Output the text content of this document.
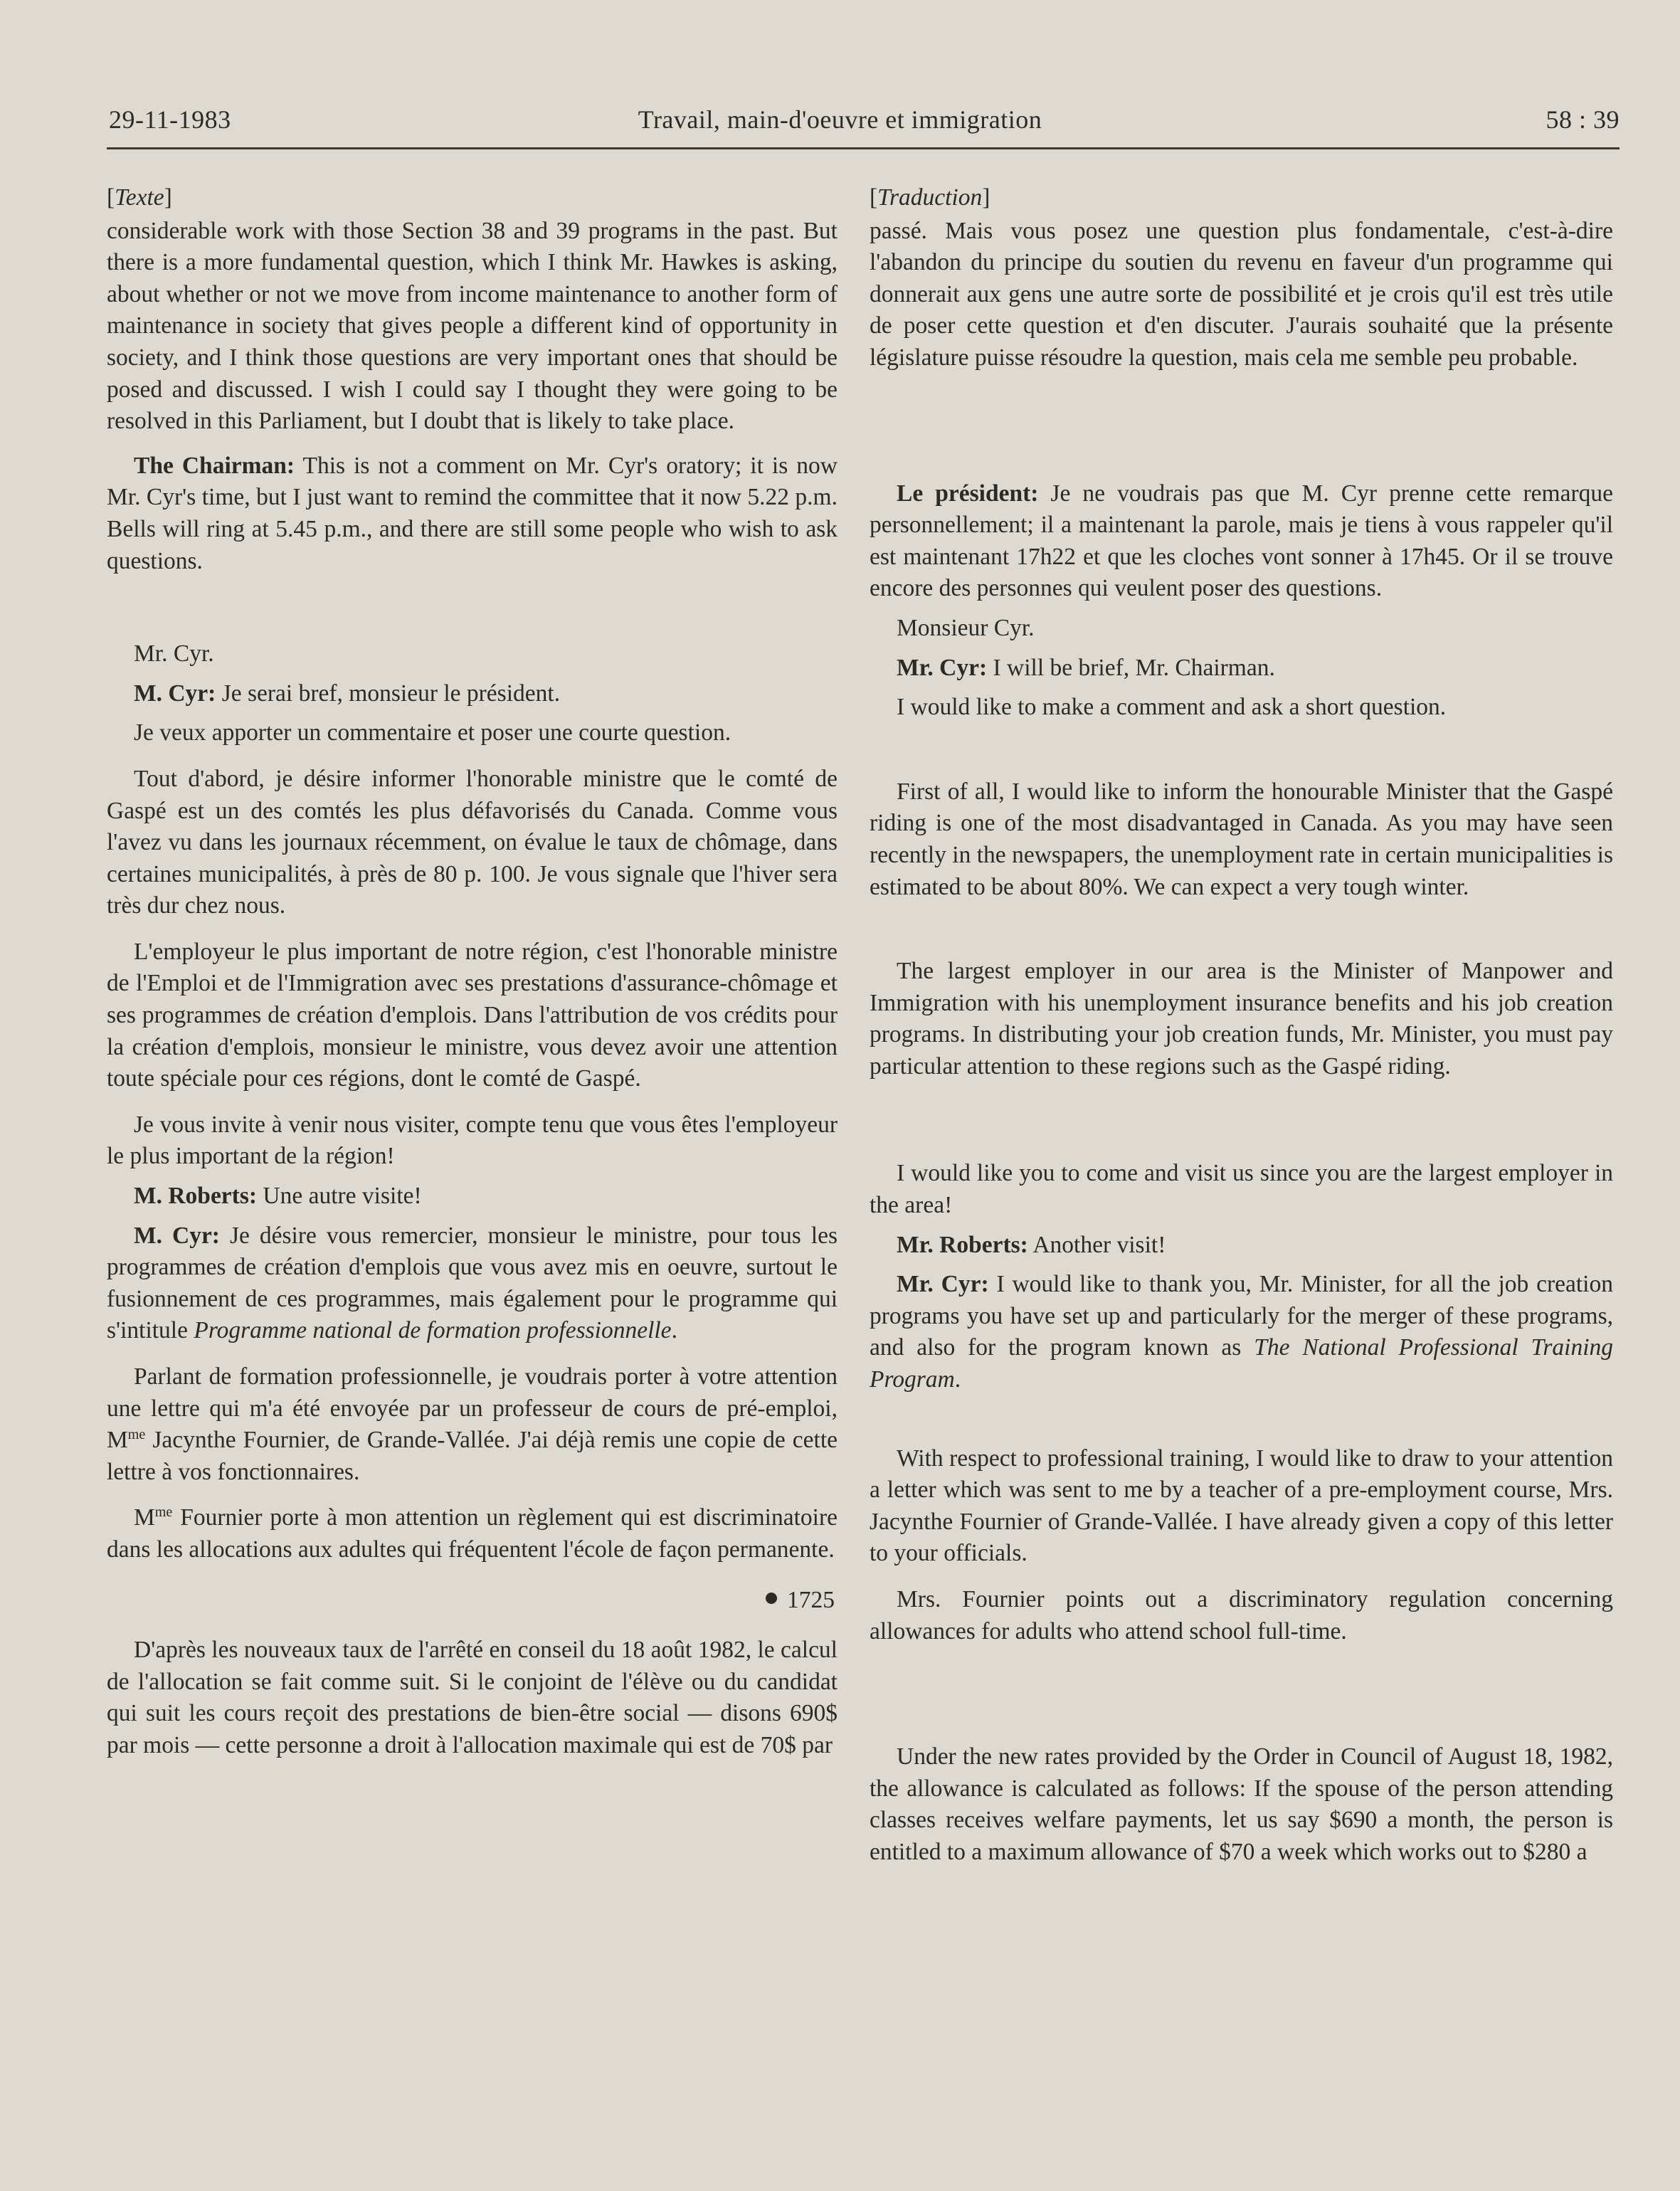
29-11-1983	Travail, main-d'oeuvre et immigration	58 : 39

[ Texte ]

considerable work with those Section 38 and 39 programs in the past. But there is a more fundamental question, which I think Mr. Hawkes is asking, about whether or not we move from income maintenance to another form of maintenance in society that gives people a different kind of opportunity in society, and I think those questions are very important ones that should be posed and discussed. I wish I could say I thought they were going to be resolved in this Parliament, but I doubt that is likely to take place.

The Chairman: This is not a comment on Mr. Cyr's oratory; it is now Mr. Cyr's time, but I just want to remind the committee that it now 5.22 p.m. Bells will ring at 5.45 p.m., and there are still some people who wish to ask questions.

Mr. Cyr.

M. Cyr: Je serai bref, monsieur le président.

Je veux apporter un commentaire et poser une courte question.

Tout d'abord, je désire informer l'honorable ministre que le comté de Gaspé est un des comtés les plus défavorisés du Canada. Comme vous l'avez vu dans les journaux récemment, on évalue le taux de chômage, dans certaines municipalités, à près de 80 p. 100. Je vous signale que l'hiver sera très dur chez nous.

L'employeur le plus important de notre région, c'est l'honorable ministre de l'Emploi et de l'Immigration avec ses prestations d'assurance-chômage et ses programmes de création d'emplois. Dans l'attribution de vos crédits pour la création d'emplois, monsieur le ministre, vous devez avoir une attention toute spéciale pour ces régions, dont le comté de Gaspé.

Je vous invite à venir nous visiter, compte tenu que vous êtes l'employeur le plus important de la région!

M. Roberts: Une autre visite!

M. Cyr: Je désire vous remercier, monsieur le ministre, pour tous les programmes de création d'emplois que vous avez mis en oeuvre, surtout le fusionnement de ces programmes, mais également pour le programme qui s'intitule Programme national de formation professionnelle.

Parlant de formation professionnelle, je voudrais porter à votre attention une lettre qui m'a été envoyée par un professeur de cours de pré-emploi, $M^{me}$ Jacynthe Fournier, de Grande-Vallée. J'ai déjà remis une copie de cette lettre à vos fonctionnaires.

$M^{me}$ Fournier porte à mon attention un règlement qui est discriminatoire dans les allocations aux adultes qui fréquentent l'école de façon permanente.

1725

D'après les nouveaux taux de l'arrêté en conseil du 18 août 1982, le calcul de l'allocation se fait comme suit. Si le conjoint de l'élève ou du candidat qui suit les cours reçoit des prestations de bien-être social — disons 690$ par mois — cette personne a droit à l'allocation maximale qui est de 70$ par

[ Traduction ]

passé. Mais vous posez une question plus fondamentale, c'est-à-dire l'abandon du principe du soutien du revenu en faveur d'un programme qui donnerait aux gens une autre sorte de possibilité et je crois qu'il est très utile de poser cette question et d'en discuter. J'aurais souhaité que la présente législature puisse résoudre la question, mais cela me semble peu probable.

Le président: Je ne voudrais pas que M. Cyr prenne cette remarque personnellement; il a maintenant la parole, mais je tiens à vous rappeler qu'il est maintenant 17h22 et que les cloches vont sonner à 17h45. Or il se trouve encore des personnes qui veulent poser des questions.

Monsieur Cyr.

Mr. Cyr: I will be brief, Mr. Chairman.

I would like to make a comment and ask a short question.

First of all, I would like to inform the honourable Minister that the Gaspé riding is one of the most disadvantaged in Canada. As you may have seen recently in the newspapers, the unemployment rate in certain municipalities is estimated to be about 80%. We can expect a very tough winter.

The largest employer in our area is the Minister of Manpower and Immigration with his unemployment insurance benefits and his job creation programs. In distributing your job creation funds, Mr. Minister, you must pay particular attention to these regions such as the Gaspé riding.

I would like you to come and visit us since you are the largest employer in the area!

Mr. Roberts: Another visit!

Mr. Cyr: I would like to thank you, Mr. Minister, for all the job creation programs you have set up and particularly for the merger of these programs, and also for the program known as The National Professional Training Program.

With respect to professional training, I would like to draw to your attention a letter which was sent to me by a teacher of a pre-employment course, Mrs. Jacynthe Fournier of Grande-Vallée. I have already given a copy of this letter to your officials.

Mrs. Fournier points out a discriminatory regulation concerning allowances for adults who attend school full-time.

Under the new rates provided by the Order in Council of August 18, 1982, the allowance is calculated as follows: If the spouse of the person attending classes receives welfare payments, let us say $690 a month, the person is entitled to a maximum allowance of $70 a week which works out to $280 a
